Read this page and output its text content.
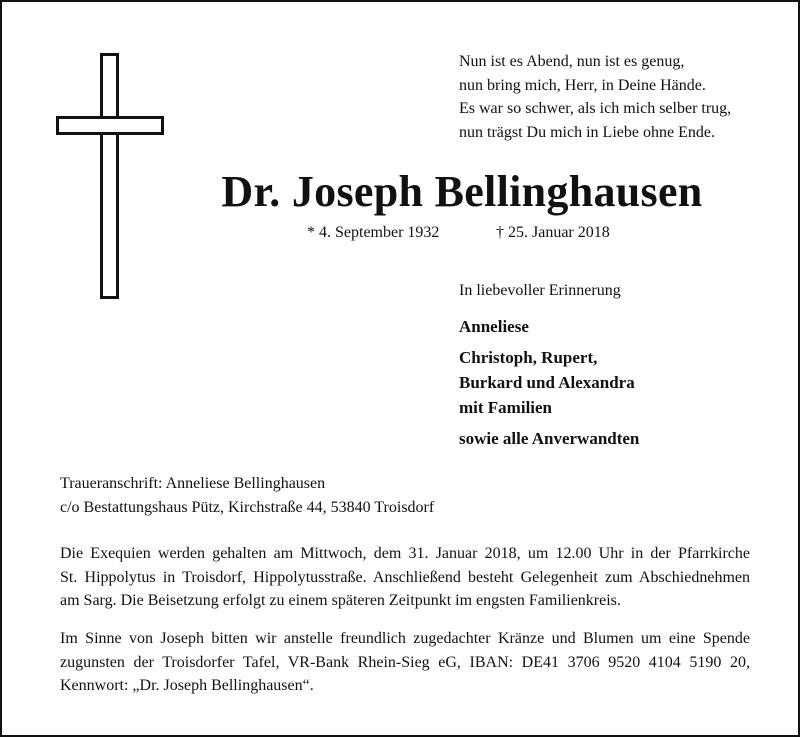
Nun ist es Abend, nun ist es genug,
nun bring mich, Herr, in Deine Hände.
Es war so schwer, als ich mich selber trug,
nun trägst Du mich in Liebe ohne Ende.
Dr. Joseph Bellinghausen
* 4. September 1932	† 25. Januar 2018
In liebevoller Erinnerung
Anneliese
Christoph, Rupert,
Burkard und Alexandra
mit Familien
sowie alle Anverwandten
Traueranschrift: Anneliese Bellinghausen
c/o Bestattungshaus Pütz, Kirchstraße 44, 53840 Troisdorf
Die Exequien werden gehalten am Mittwoch, dem 31. Januar 2018, um 12.00 Uhr in der Pfarrkirche
St. Hippolytus in Troisdorf, Hippolytusstraße. Anschließend besteht Gelegenheit zum Abschiednehmen
am Sarg. Die Beisetzung erfolgt zu einem späteren Zeitpunkt im engsten Familienkreis.
Im Sinne von Joseph bitten wir anstelle freundlich zugedachter Kränze und Blumen um eine Spende
zugunsten der Troisdorfer Tafel, VR-Bank Rhein-Sieg eG, IBAN: DE41 3706 9520 4104 5190 20,
Kennwort: „Dr. Joseph Bellinghausen“.
